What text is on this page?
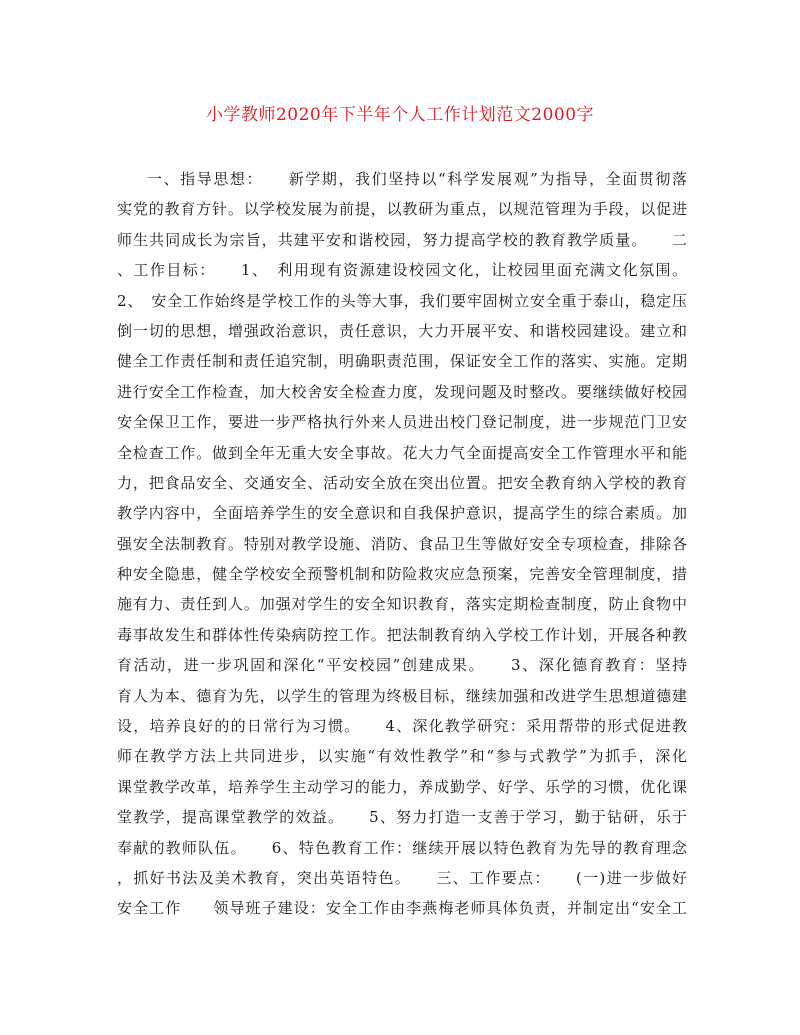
小学教师2020年下半年个人工作计划范文2000字
一、指导思想：　　新学期，我们坚持以“科学发展观”为指导，全面贯彻落
实党的教育方针。以学校发展为前提，以教研为重点，以规范管理为手段，以促进
师生共同成长为宗旨，共建平安和谐校园，努力提高学校的教育教学质量。　　二
、工作目标：　　1、　利用现有资源建设校园文化，让校园里面充满文化氛围。
2、　安全工作始终是学校工作的头等大事，我们要牢固树立安全重于泰山，稳定压
倒一切的思想，增强政治意识，责任意识，大力开展平安、和谐校园建设。建立和
健全工作责任制和责任追究制，明确职责范围，保证安全工作的落实、实施。定期
进行安全工作检查，加大校舍安全检查力度，发现问题及时整改。要继续做好校园
安全保卫工作，要进一步严格执行外来人员进出校门登记制度，进一步规范门卫安
全检查工作。做到全年无重大安全事故。花大力气全面提高安全工作管理水平和能
力，把食品安全、交通安全、活动安全放在突出位置。把安全教育纳入学校的教育
教学内容中，全面培养学生的安全意识和自我保护意识，提高学生的综合素质。加
强安全法制教育。特别对教学设施、消防、食品卫生等做好安全专项检查，排除各
种安全隐患，健全学校安全预警机制和防险救灾应急预案，完善安全管理制度，措
施有力、责任到人。加强对学生的安全知识教育，落实定期检查制度，防止食物中
毒事故发生和群体性传染病防控工作。把法制教育纳入学校工作计划，开展各种教
育活动，进一步巩固和深化“平安校园”创建成果。　　3、深化德育教育：坚持
育人为本、德育为先，以学生的管理为终极目标，继续加强和改进学生思想道德建
设，培养良好的的日常行为习惯。　　4、深化教学研究：采用帮带的形式促进教
师在教学方法上共同进步，以实施“有效性教学”和“参与式教学”为抓手，深化
课堂教学改革，培养学生主动学习的能力，养成勤学、好学、乐学的习惯，优化课
堂教学，提高课堂教学的效益。　　5、努力打造一支善于学习，勤于钻研，乐于
奉献的教师队伍。　　6、特色教育工作：继续开展以特色教育为先导的教育理念
，抓好书法及美术教育，突出英语特色。　　三、工作要点：　　(一)进一步做好
安全工作　　领导班子建设：安全工作由李燕梅老师具体负责，并制定出“安全工
